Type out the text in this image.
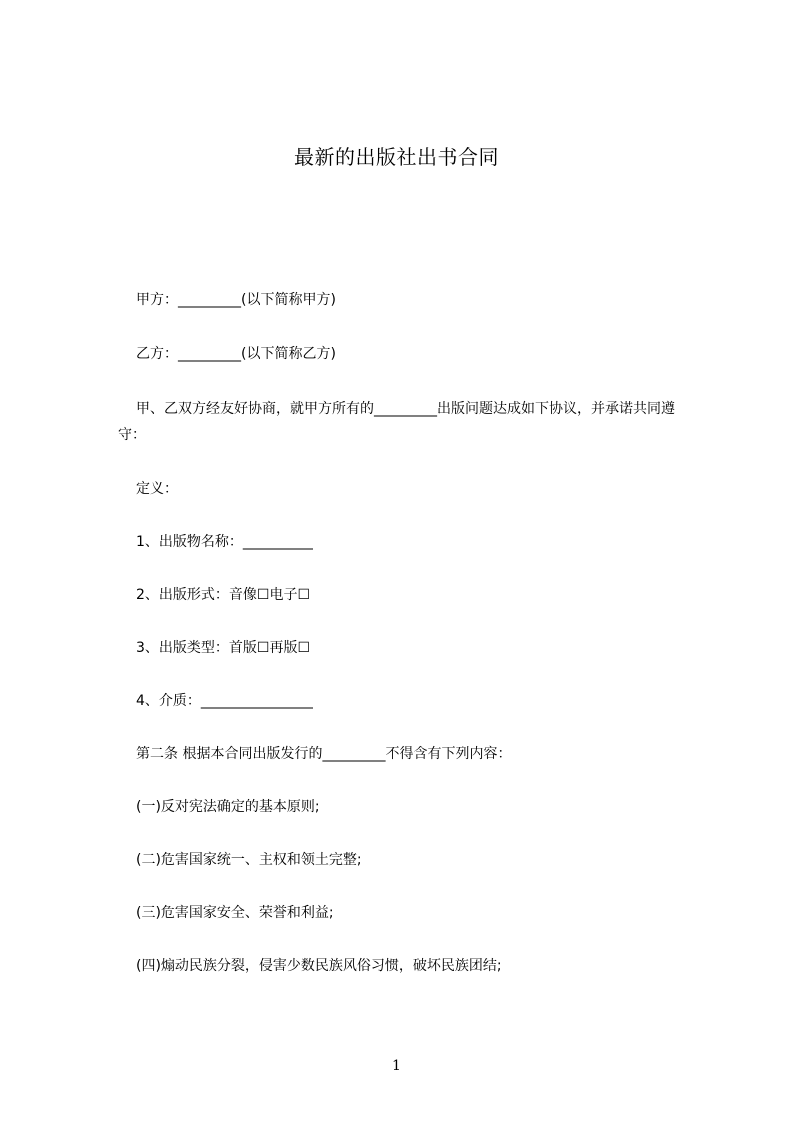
最新的出版社出书合同
甲方：_________(以下简称甲方)
乙方：_________(以下简称乙方)
甲、乙双方经友好协商，就甲方所有的_________出版问题达成如下协议，并承诺共同遵守：
定义：
1、出版物名称：__________
2、出版形式：音像☐电子☐
3、出版类型：首版☐再版☐
4、介质：________________
第二条 根据本合同出版发行的_________不得含有下列内容：
(一)反对宪法确定的基本原则;
(二)危害国家统一、主权和领土完整;
(三)危害国家安全、荣誉和利益;
(四)煽动民族分裂，侵害少数民族风俗习惯，破坏民族团结;
1
